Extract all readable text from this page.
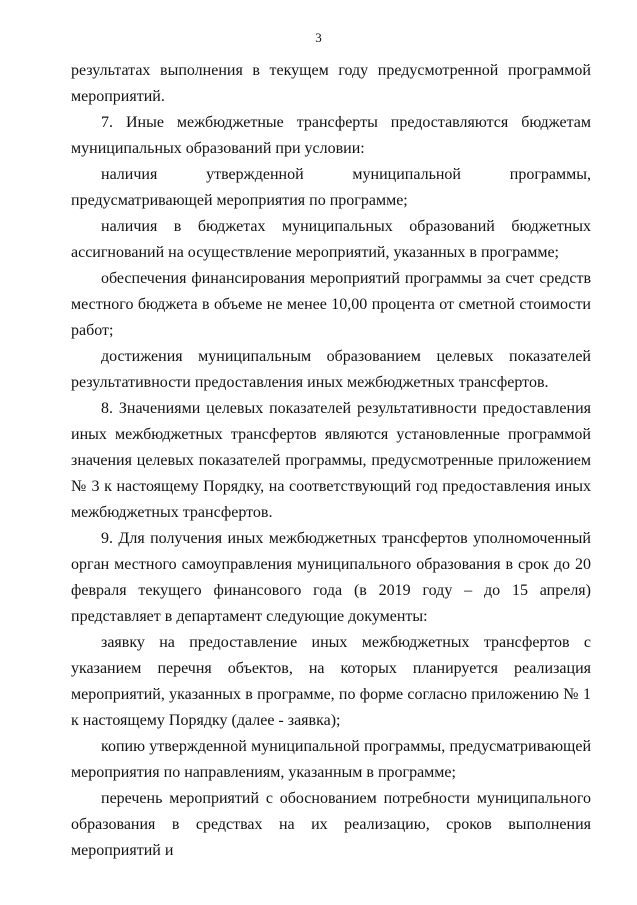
3

результатах выполнения в текущем году предусмотренной программой мероприятий.

7. Иные межбюджетные трансферты предоставляются бюджетам муниципальных образований при условии:

наличия утвержденной муниципальной программы, предусматривающей мероприятия по программе;

наличия в бюджетах муниципальных образований бюджетных ассигнований на осуществление мероприятий, указанных в программе;

обеспечения финансирования мероприятий программы за счет средств местного бюджета в объеме не менее 10,00 процента от сметной стоимости работ;

достижения муниципальным образованием целевых показателей результативности предоставления иных межбюджетных трансфертов.

8. Значениями целевых показателей результативности предоставления иных межбюджетных трансфертов являются установленные программой значения целевых показателей программы, предусмотренные приложением № 3 к настоящему Порядку, на соответствующий год предоставления иных межбюджетных трансфертов.

9. Для получения иных межбюджетных трансфертов уполномоченный орган местного самоуправления муниципального образования в срок до 20 февраля текущего финансового года (в 2019 году – до 15 апреля) представляет в департамент следующие документы:

заявку на предоставление иных межбюджетных трансфертов с указанием перечня объектов, на которых планируется реализация мероприятий, указанных в программе, по форме согласно приложению № 1 к настоящему Порядку (далее - заявка);

копию утвержденной муниципальной программы, предусматривающей мероприятия по направлениям, указанным в программе;

перечень мероприятий с обоснованием потребности муниципального образования в средствах на их реализацию, сроков выполнения мероприятий и
